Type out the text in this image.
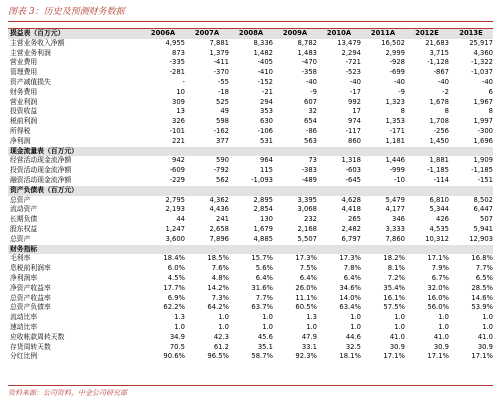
图表 3：历史及预测财务数据
损益表（百万元）	2006A	2007A	2008A	2009A	2010A	2011A	2012E	2013E
主营业务收入净额	4,955	7,881	8,336	8,782	13,479	16,502	21,683	25,917
主营业务利润	873	1,379	1,482	1,483	2,294	2,999	3,715	4,360
营业费用	-335	-411	-405	-470	-721	-928	-1,128	-1,322
管理费用	-281	-370	-410	-358	-523	-699	-867	-1,037
资产减值损失	-	-55	-152	-40	-40	-40	-40	-40
财务费用	10	-18	-21	-9	-17	-9	-2	6
营业利润	309	525	294	607	992	1,323	1,678	1,967
投资收益	13	49	353	32	17	8	8	8
税前利润	326	598	630	654	974	1,353	1,708	1,997
所得税	-101	-162	-106	-86	-117	-171	-256	-300
净利润	221	377	531	563	860	1,181	1,450	1,696
现金流量表（百万元）								
经营活动现金流净额	942	590	964	73	1,318	1,446	1,881	1,909
投资活动现金流净额	-609	-792	115	-383	-603	-999	-1,185	-1,185
融资活动现金流净额	-229	562	-1,093	-489	-645	-10	-114	-151
资产负债表（百万元）								
总资产	2,795	4,362	2,895	3,395	4,628	5,479	6,810	8,502
流动资产	2,193	4,436	2,854	3,068	4,418	4,177	5,344	6,447
长期负债	44	241	130	232	265	346	426	507
股东权益	1,247	2,658	1,679	2,168	2,482	3,333	4,535	5,941
总资产	3,600	7,896	4,885	5,507	6,797	7,860	10,312	12,903
财务指标								
毛利率	18.4%	18.5%	15.7%	17.3%	17.3%	18.2%	17.1%	16.8%
息税前利润率	6.0%	7.6%	5.6%	7.5%	7.8%	8.1%	7.9%	7.7%
净利润率	4.5%	4.8%	6.4%	6.4%	6.4%	7.2%	6.7%	6.5%
净资产收益率	17.7%	14.2%	31.6%	26.0%	34.6%	35.4%	32.0%	28.5%
总资产收益率	6.9%	7.3%	7.7%	11.1%	14.0%	16.1%	16.0%	14.6%
总资产负债率	62.2%	64.2%	63.7%	60.5%	63.4%	57.5%	56.0%	53.9%
流动比率	1.3	1.0	1.0	1.3	1.0	1.0	1.0	1.0
速动比率	1.0	1.0	1.0	1.0	1.0	1.0	1.0	1.0
应收帐款周转天数	34.9	42.3	45.6	47.9	44.6	41.0	41.0	41.0
存货周转天数	70.5	61.2	35.1	33.1	32.5	30.9	30.9	30.9
分红比例	90.6%	96.5%	58.7%	92.3%	18.1%	17.1%	17.1%	17.1%
资料来源：公司资料，中金公司研究部
